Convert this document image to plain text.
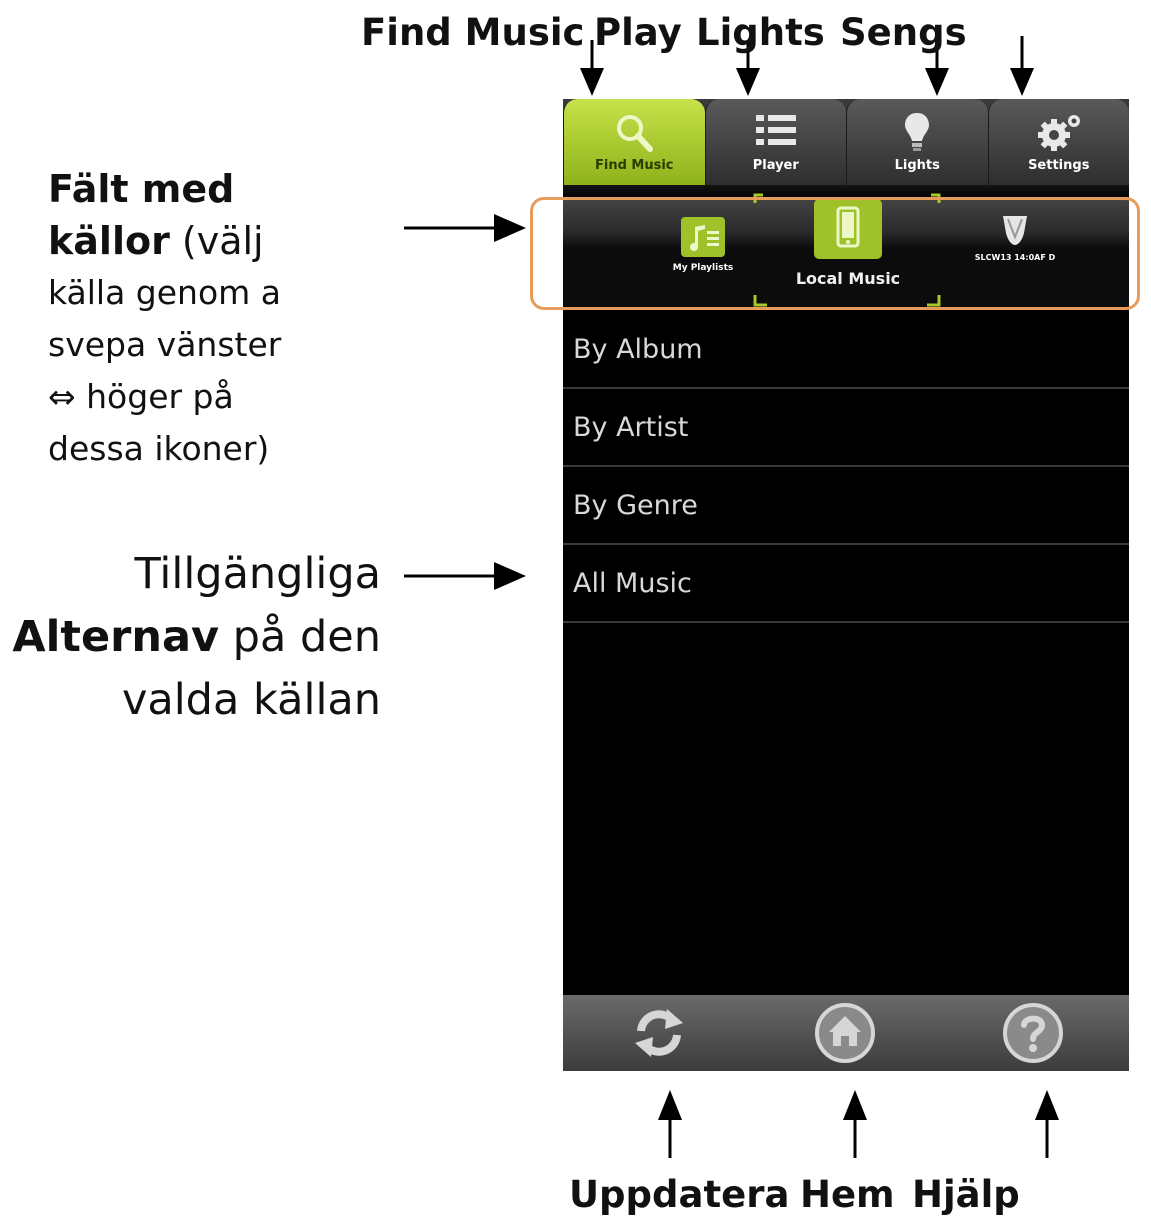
Find Music Play Lights Sengs
Fält med
källor (välj
källa genom a
svepa vänster
⇔ höger på
dessa ikoner)
Tillgängliga
Alternav på den
valda källan
Uppdatera Hem Hjälp
Find Music	Player	Lights	Settings
My Playlists
Local Music
SLCW13 14:0AF D
By Album
By Artist
By Genre
All Music
